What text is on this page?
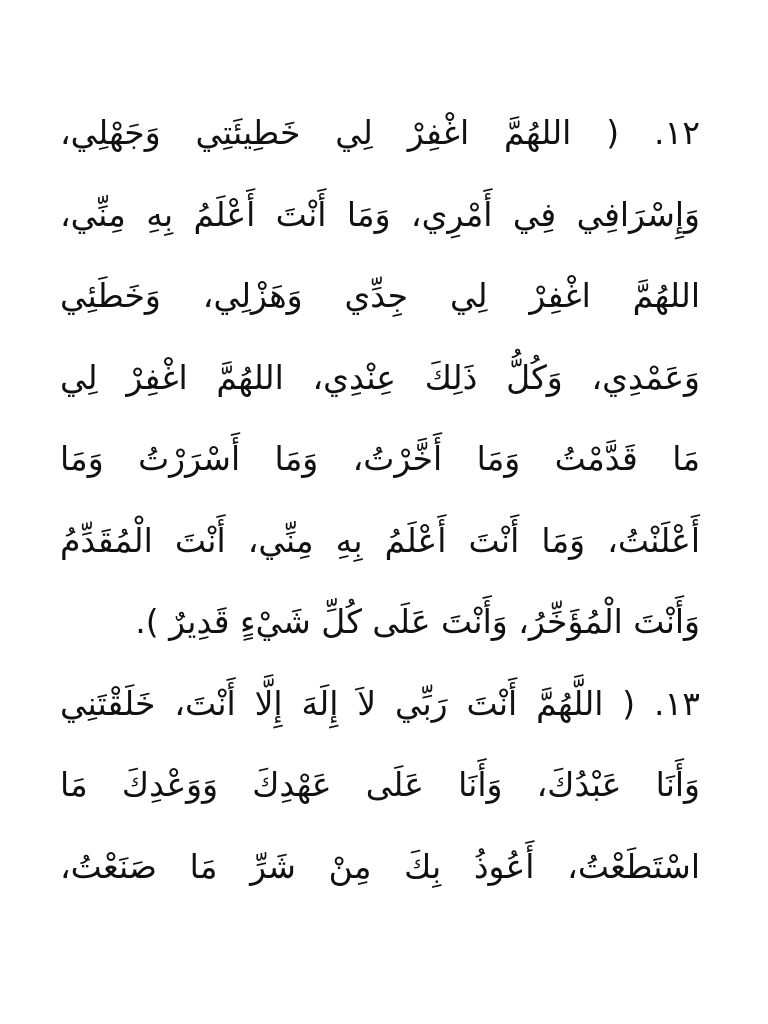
١٢. ( اللهُمَّ اغْفِرْ لِي خَطِيئَتِي وَجَهْلِي،
وَإِسْرَافِي فِي أَمْرِي، وَمَا أَنْتَ أَعْلَمُ بِهِ مِنِّي،
اللهُمَّ اغْفِرْ لِي جِدِّي وَهَزْلِي، وَخَطَئِي
وَعَمْدِي، وَكُلُّ ذَلِكَ عِنْدِي، اللهُمَّ اغْفِرْ لِي
مَا قَدَّمْتُ وَمَا أَخَّرْتُ، وَمَا أَسْرَرْتُ وَمَا
أَعْلَنْتُ، وَمَا أَنْتَ أَعْلَمُ بِهِ مِنِّي، أَنْتَ الْمُقَدِّمُ
وَأَنْتَ الْمُؤَخِّرُ، وَأَنْتَ عَلَى كُلِّ شَيْءٍ قَدِيرٌ ).
١٣. ( اللَّهُمَّ أَنْتَ رَبِّي لاَ إِلَهَ إِلَّا أَنْتَ، خَلَقْتَنِي
وَأَنَا عَبْدُكَ، وَأَنَا عَلَى عَهْدِكَ وَوَعْدِكَ مَا
اسْتَطَعْتُ، أَعُوذُ بِكَ مِنْ شَرِّ مَا صَنَعْتُ،
